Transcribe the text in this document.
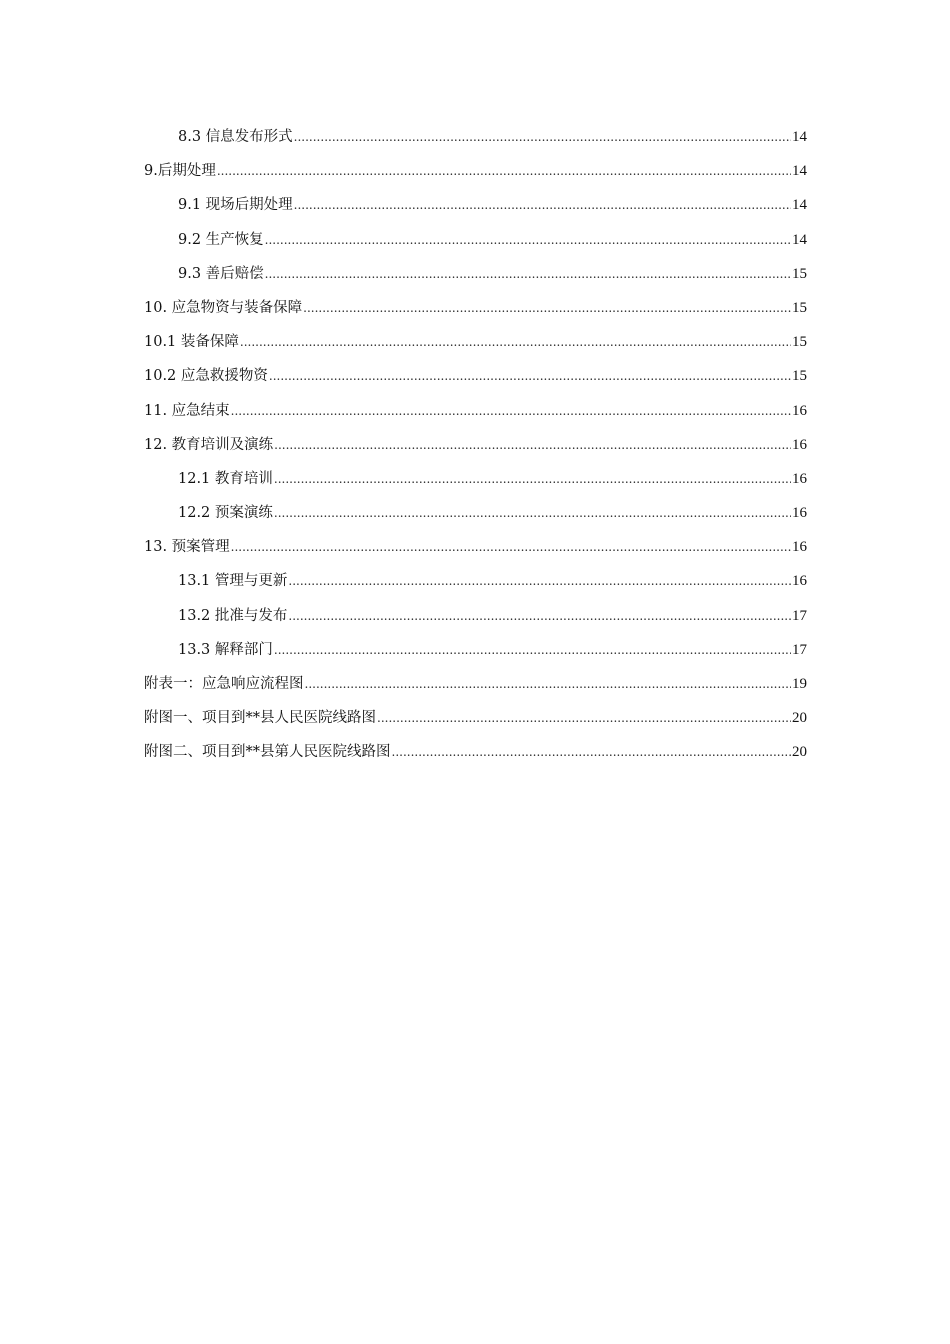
8.3 信息发布形式 .....	14
9.后期处理 .....	14
9.1 现场后期处理 .....	14
9.2 生产恢复 .....	14
9.3 善后赔偿 .....	15
10. 应急物资与装备保障 .....	15
10.1 装备保障 .....	15
10.2 应急救援物资 .....	15
11. 应急结束 .....	16
12. 教育培训及演练 .....	16
12.1 教育培训 .....	16
12.2 预案演练 .....	16
13. 预案管理 .....	16
13.1 管理与更新 .....	16
13.2 批准与发布 .....	17
13.3 解释部门 .....	17
附表一：应急响应流程图 .....	19
附图一、项目到**县人民医院线路图 .....	20
附图二、项目到**县第人民医院线路图 .....	20
